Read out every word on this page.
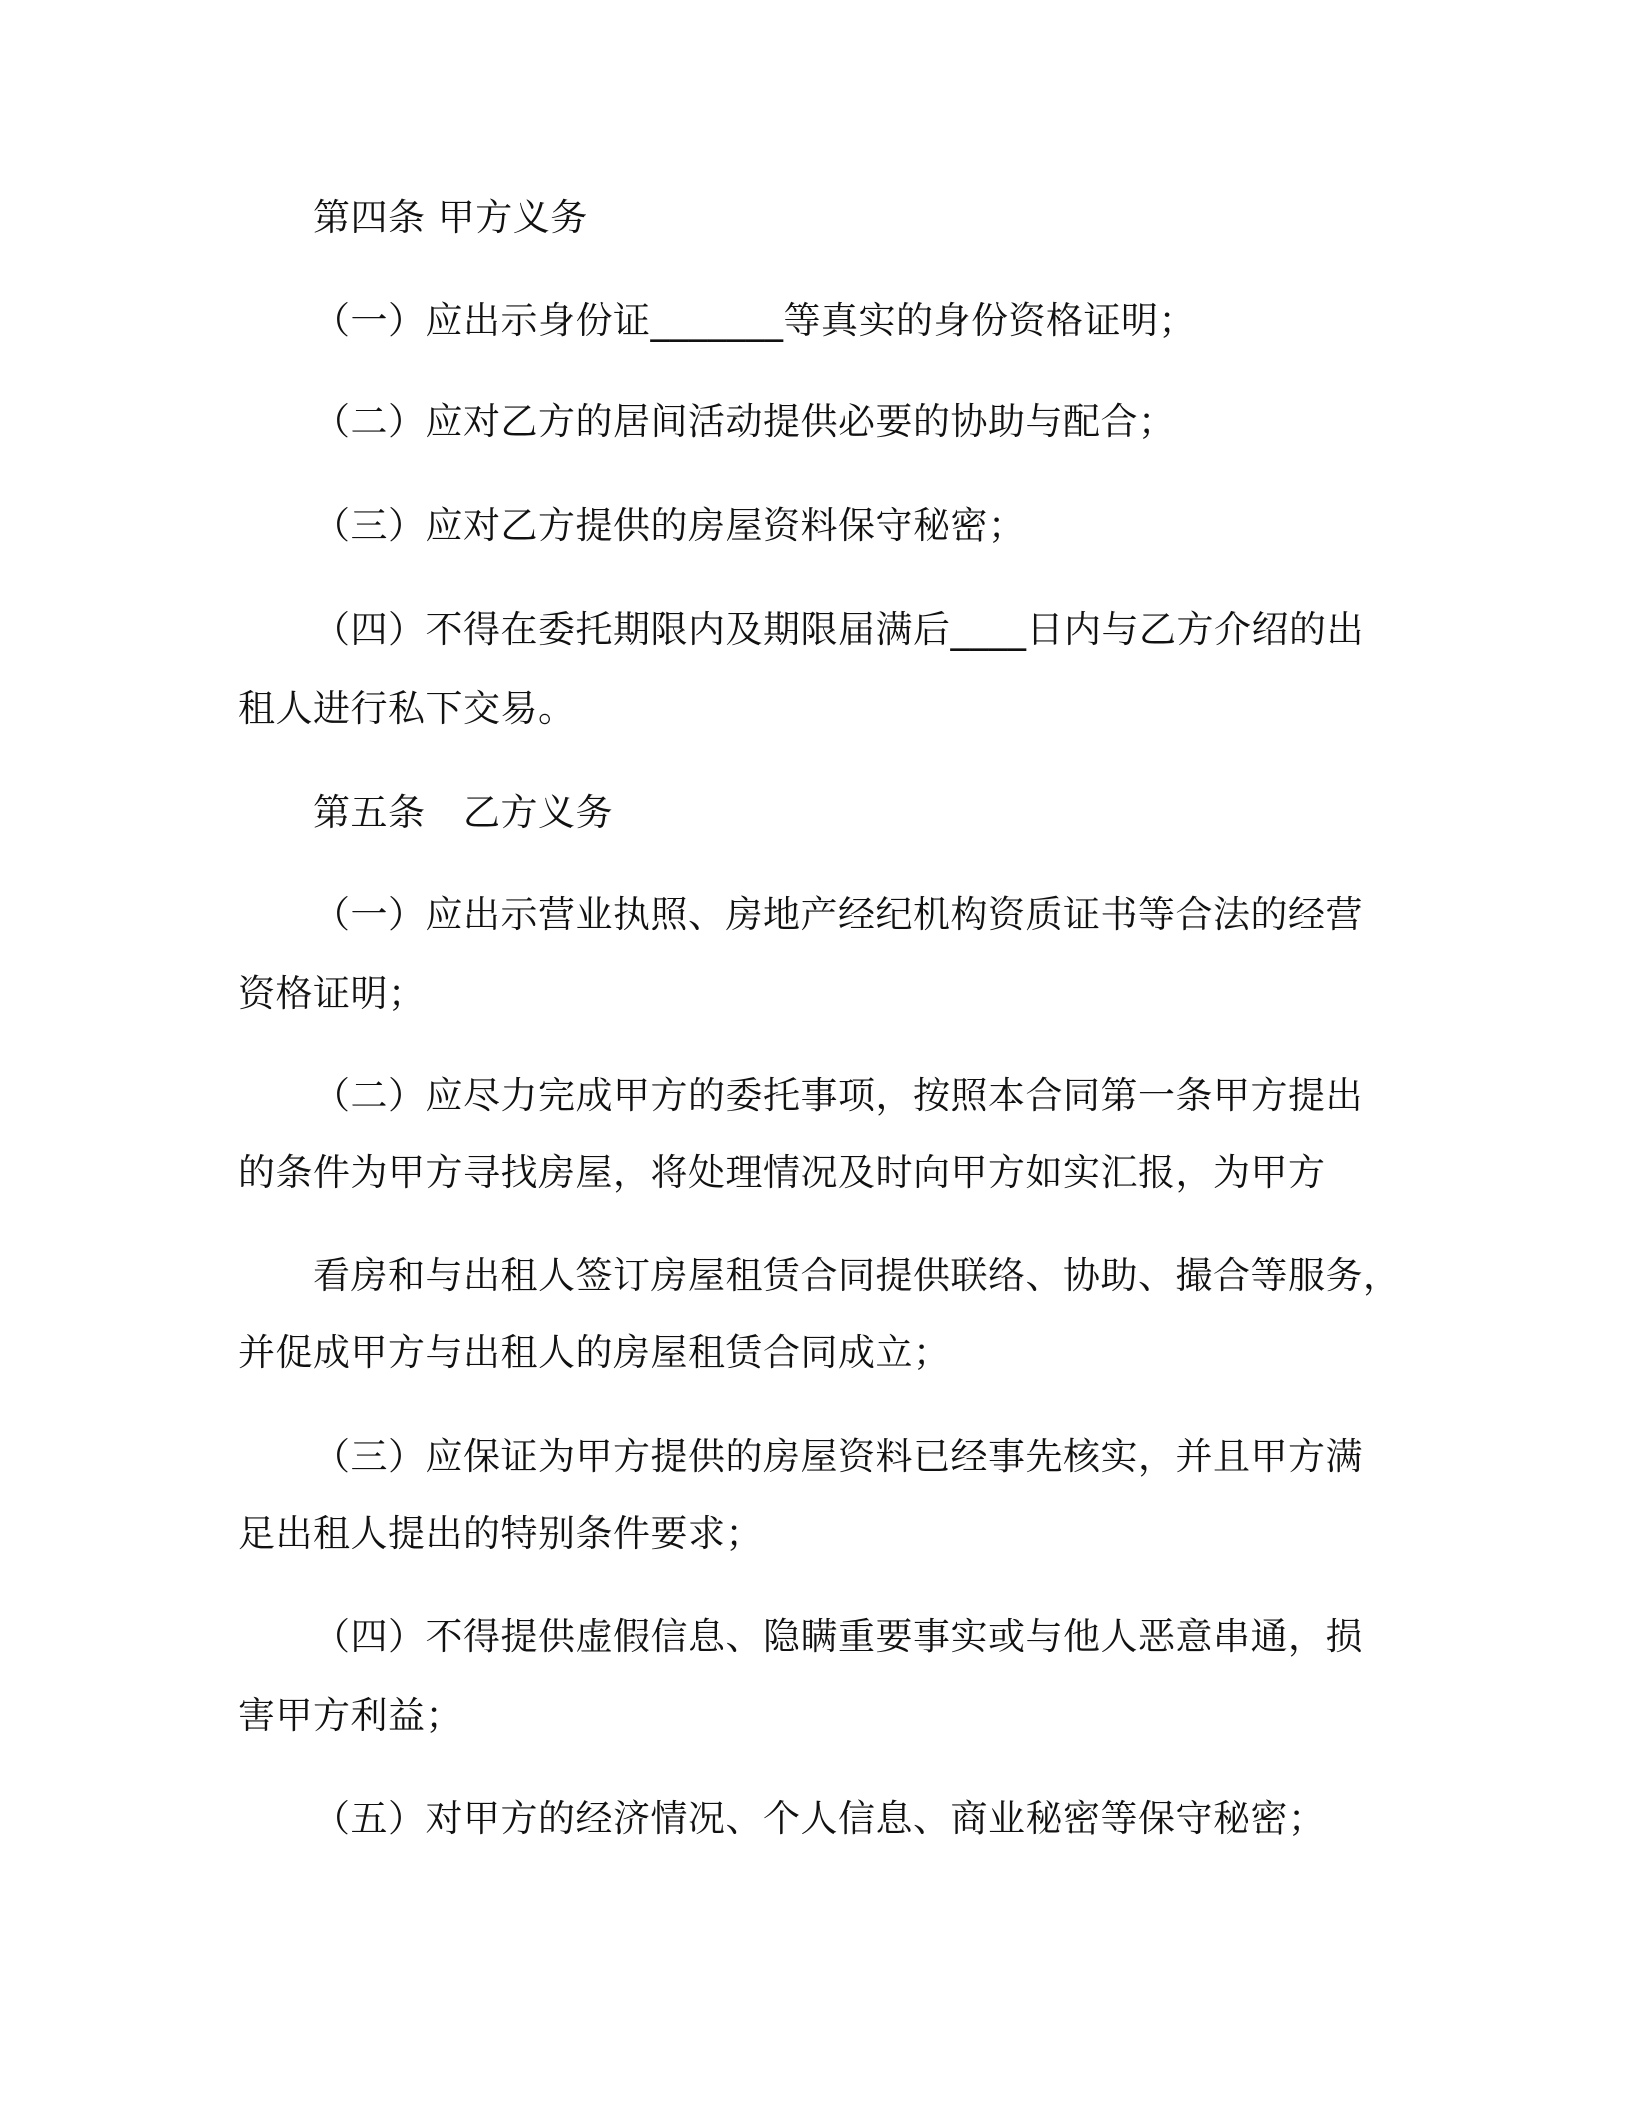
第四条 甲方义务

（一）应出示身份证_______等真实的身份资格证明；

（二）应对乙方的居间活动提供必要的协助与配合；

（三）应对乙方提供的房屋资料保守秘密；

（四）不得在委托期限内及期限届满后____日内与乙方介绍的出

租人进行私下交易。

第五条　乙方义务

（一）应出示营业执照、房地产经纪机构资质证书等合法的经营

资格证明；

（二）应尽力完成甲方的委托事项，按照本合同第一条甲方提出

的条件为甲方寻找房屋，将处理情况及时向甲方如实汇报，为甲方

看房和与出租人签订房屋租赁合同提供联络、协助、撮合等服务，

并促成甲方与出租人的房屋租赁合同成立；

（三）应保证为甲方提供的房屋资料已经事先核实，并且甲方满

足出租人提出的特别条件要求；

（四）不得提供虚假信息、隐瞒重要事实或与他人恶意串通，损

害甲方利益；

（五）对甲方的经济情况、个人信息、商业秘密等保守秘密；
